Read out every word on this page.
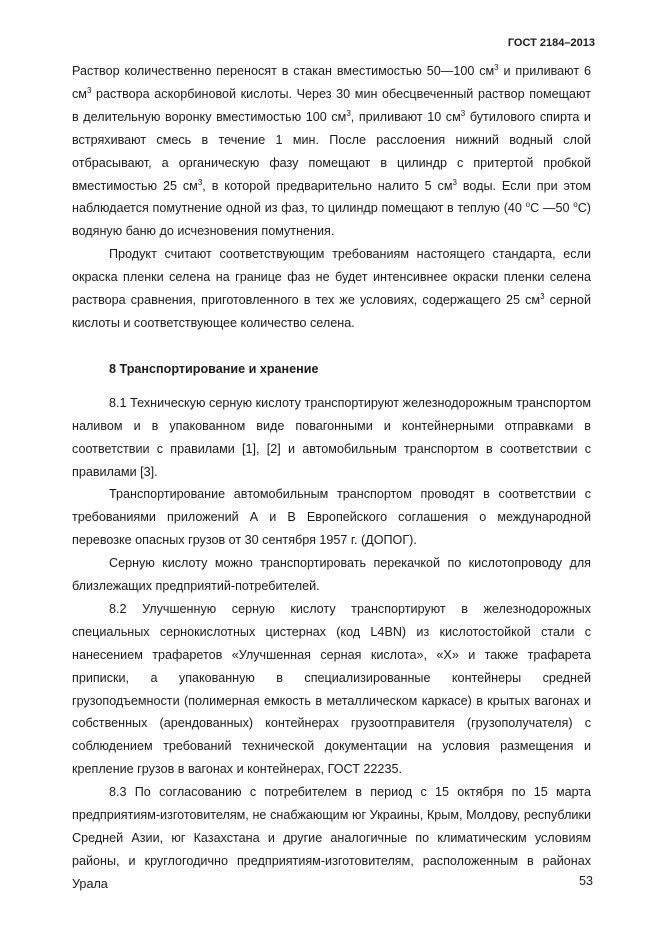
ГОСТ 2184–2013

Раствор количественно переносят в стакан вместимостью 50—100 $см^3$ и приливают 6 $см^3$ раствора аскорбиновой кислоты. Через 30 мин обесцвеченный раствор помещают в делительную воронку вместимостью 100 $см^3$, приливают 10 $см^3$ бутилового спирта и встряхивают смесь в течение 1 мин. После расслоения нижний водный слой отбрасывают, а органическую фазу помещают в цилиндр с притертой пробкой вместимостью 25 $см^3$, в которой предварительно налито 5 $см^3$ воды. Если при этом наблюдается помутнение одной из фаз, то цилиндр помещают в теплую (40 $^о$С —50 $^о$С) водяную баню до исчезновения помутнения.

Продукт считают соответствующим требованиям настоящего стандарта, если окраска пленки селена на границе фаз не будет интенсивнее окраски пленки селена раствора сравнения, приготовленного в тех же условиях, содержащего 25 $см^3$ серной кислоты и соответствующее количество селена.

8 Транспортирование и хранение

8.1 Техническую серную кислоту транспортируют железнодорожным транспортом наливом и в упакованном виде повагонными и контейнерными отправками в соответствии с правилами [1], [2] и автомобильным транспортом в соответствии с правилами [3].

Транспортирование автомобильным транспортом проводят в соответствии с требованиями приложений А и В Европейского соглашения о международной перевозке опасных грузов от 30 сентября 1957 г. (ДОПОГ).

Серную кислоту можно транспортировать перекачкой по кислотопроводу для близлежащих предприятий-потребителей.

8.2 Улучшенную серную кислоту транспортируют в железнодорожных специальных сернокислотных цистернах (код L4BN) из кислотостойкой стали с нанесением трафаретов «Улучшенная серная кислота», «Х» и также трафарета приписки, а упакованную в специализированные контейнеры средней грузоподъемности (полимерная емкость в металлическом каркасе) в крытых вагонах и собственных (арендованных) контейнерах грузоотправителя (грузополучателя) с соблюдением требований технической документации на условия размещения и крепление грузов в вагонах и контейнерах, ГОСТ 22235.

8.3 По согласованию с потребителем в период с 15 октября по 15 марта предприятиям-изготовителям, не снабжающим юг Украины, Крым, Молдову, республики Средней Азии, юг Казахстана и другие аналогичные по климатическим условиям районы, и круглогодично предприятиям-изготовителям, расположенным в районах Урала	53
